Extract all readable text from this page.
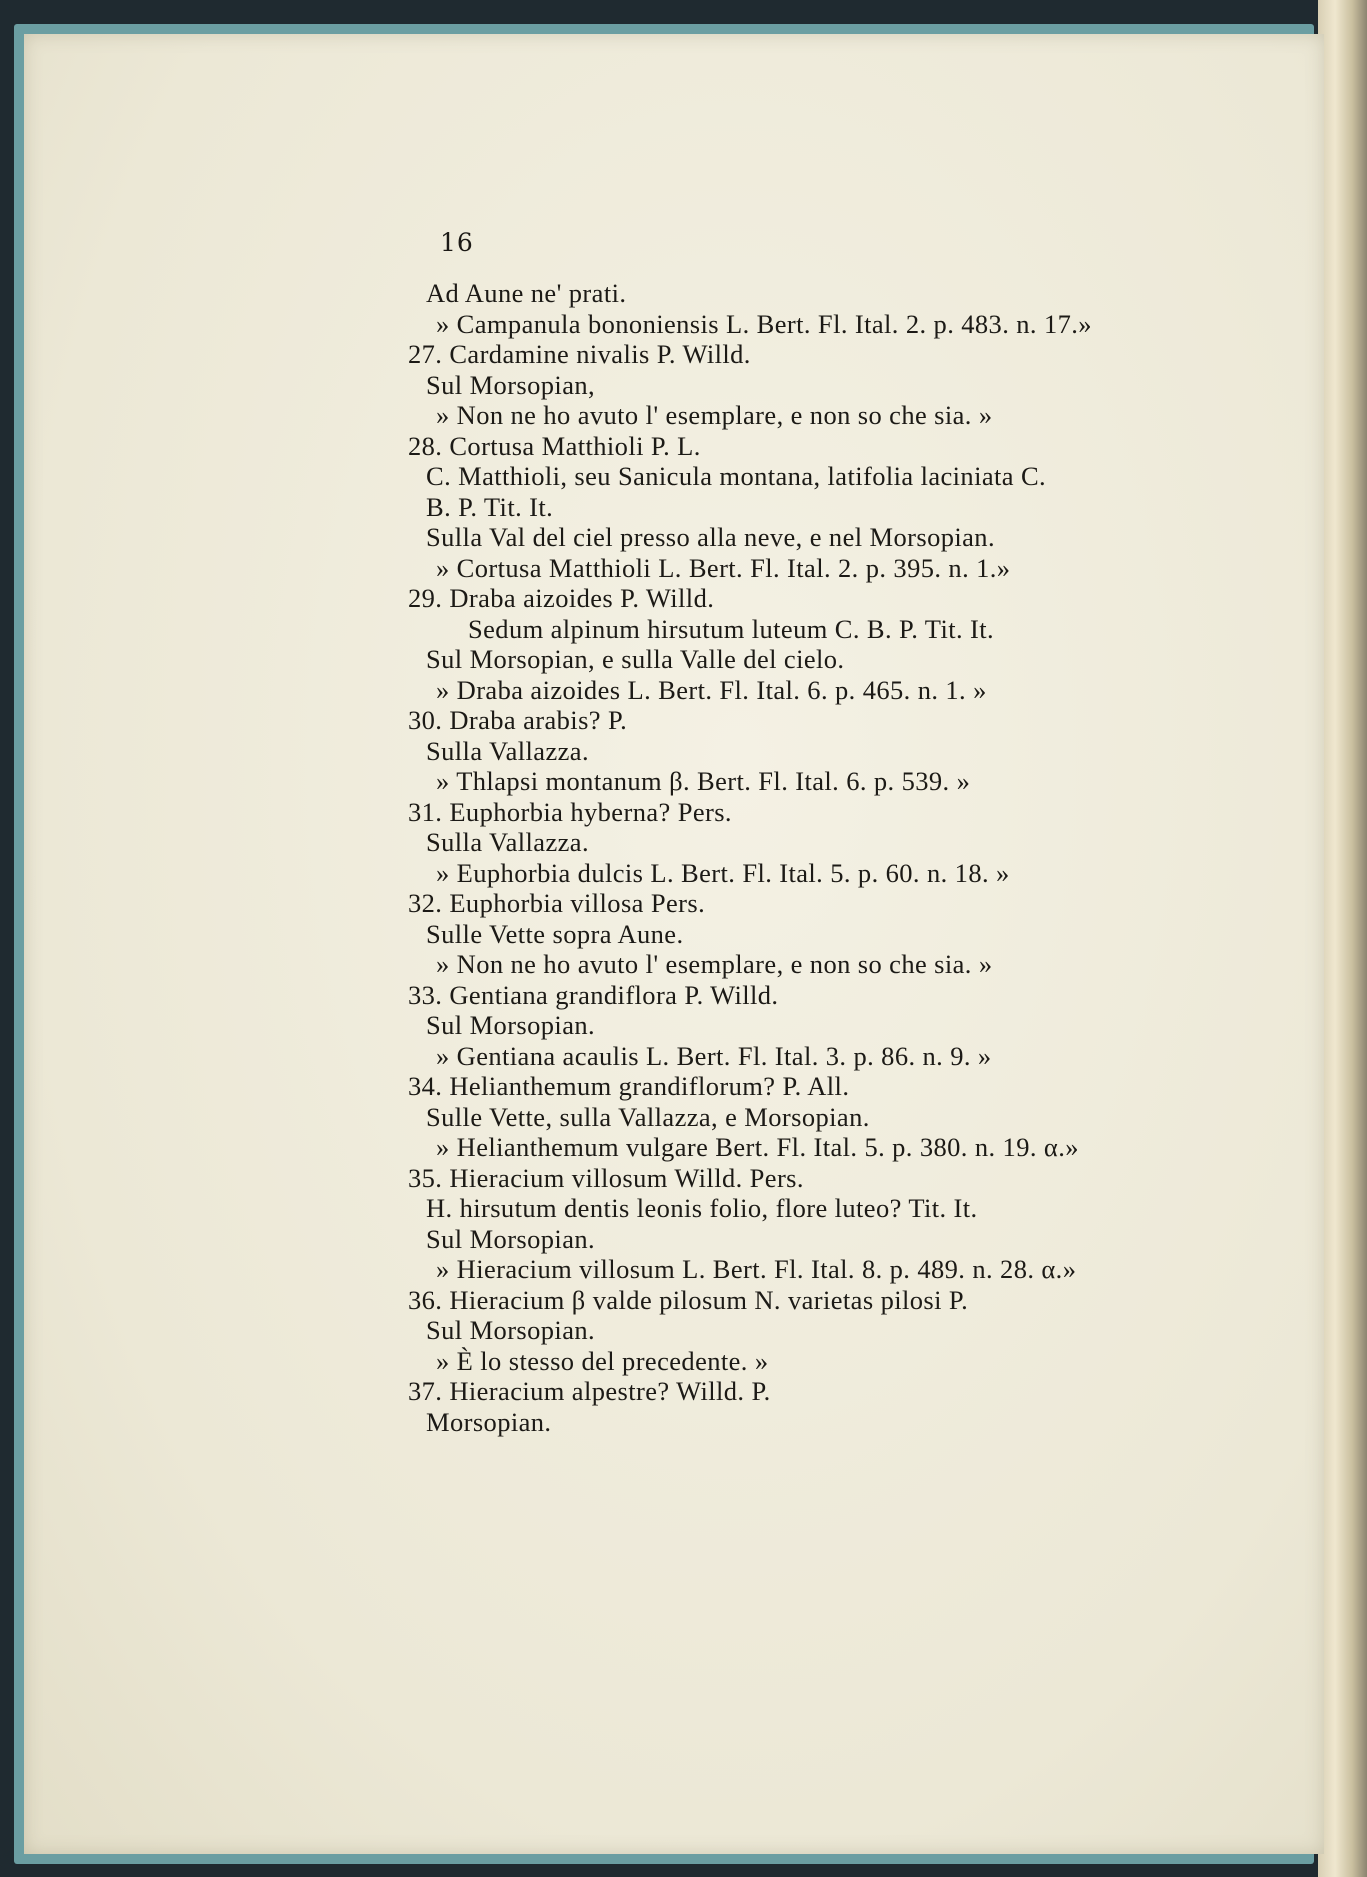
16
Ad Aune ne' prati.
» Campanula bononiensis L. Bert. Fl. Ital. 2. p. 483. n. 17.»
27. Cardamine nivalis P. Willd.
Sul Morsopian,
» Non ne ho avuto l' esemplare, e non so che sia. »
28. Cortusa Matthioli P. L.
C. Matthioli, seu Sanicula montana, latifolia laciniata C.
B. P. Tit. It.
Sulla Val del ciel presso alla neve, e nel Morsopian.
» Cortusa Matthioli L. Bert. Fl. Ital. 2. p. 395. n. 1.»
29. Draba aizoides P. Willd.
Sedum alpinum hirsutum luteum C. B. P. Tit. It.
Sul Morsopian, e sulla Valle del cielo.
» Draba aizoides L. Bert. Fl. Ital. 6. p. 465. n. 1. »
30. Draba arabis? P.
Sulla Vallazza.
» Thlapsi montanum β. Bert. Fl. Ital. 6. p. 539. »
31. Euphorbia hyberna? Pers.
Sulla Vallazza.
» Euphorbia dulcis L. Bert. Fl. Ital. 5. p. 60. n. 18. »
32. Euphorbia villosa Pers.
Sulle Vette sopra Aune.
» Non ne ho avuto l' esemplare, e non so che sia. »
33. Gentiana grandiflora P. Willd.
Sul Morsopian.
» Gentiana acaulis L. Bert. Fl. Ital. 3. p. 86. n. 9. »
34. Helianthemum grandiflorum? P. All.
Sulle Vette, sulla Vallazza, e Morsopian.
» Helianthemum vulgare Bert. Fl. Ital. 5. p. 380. n. 19. α.»
35. Hieracium villosum Willd. Pers.
H. hirsutum dentis leonis folio, flore luteo? Tit. It.
Sul Morsopian.
» Hieracium villosum L. Bert. Fl. Ital. 8. p. 489. n. 28. α.»
36. Hieracium β valde pilosum N. varietas pilosi P.
Sul Morsopian.
» È lo stesso del precedente. »
37. Hieracium alpestre? Willd. P.
Morsopian.
